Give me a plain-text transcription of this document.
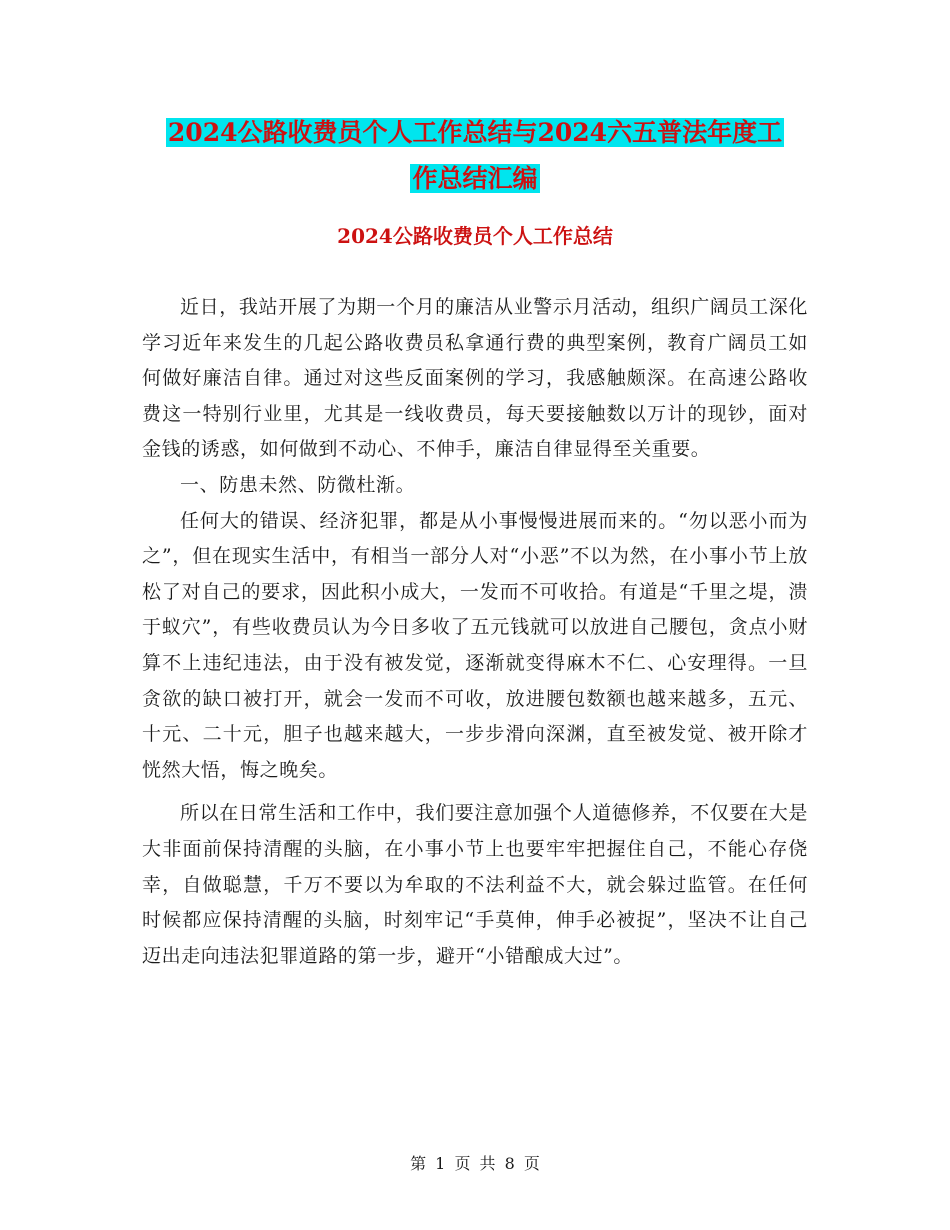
2024公路收费员个人工作总结与2024六五普法年度工
作总结汇编
2024公路收费员个人工作总结

近日，我站开展了为期一个月的廉洁从业警示月活动，组织广阔员工深化学习近年来发生的几起公路收费员私拿通行费的典型案例，教育广阔员工如何做好廉洁自律。通过对这些反面案例的学习，我感触颇深。在高速公路收费这一特别行业里，尤其是一线收费员，每天要接触数以万计的现钞，面对金钱的诱惑，如何做到不动心、不伸手，廉洁自律显得至关重要。

一、防患未然、防微杜渐。

任何大的错误、经济犯罪，都是从小事慢慢进展而来的。“勿以恶小而为之”，但在现实生活中，有相当一部分人对“小恶”不以为然，在小事小节上放松了对自己的要求，因此积小成大，一发而不可收拾。有道是“千里之堤，溃于蚁穴”，有些收费员认为今日多收了五元钱就可以放进自己腰包，贪点小财算不上违纪违法，由于没有被发觉，逐渐就变得麻木不仁、心安理得。一旦贪欲的缺口被打开，就会一发而不可收，放进腰包数额也越来越多，五元、十元、二十元，胆子也越来越大，一步步滑向深渊，直至被发觉、被开除才恍然大悟，悔之晚矣。

所以在日常生活和工作中，我们要注意加强个人道德修养，不仅要在大是大非面前保持清醒的头脑，在小事小节上也要牢牢把握住自己，不能心存侥幸，自做聪慧，千万不要以为牟取的不法利益不大，就会躲过监管。在任何时候都应保持清醒的头脑，时刻牢记“手莫伸，伸手必被捉”，坚决不让自己迈出走向违法犯罪道路的第一步，避开“小错酿成大过”。

第 1 页 共 8 页
